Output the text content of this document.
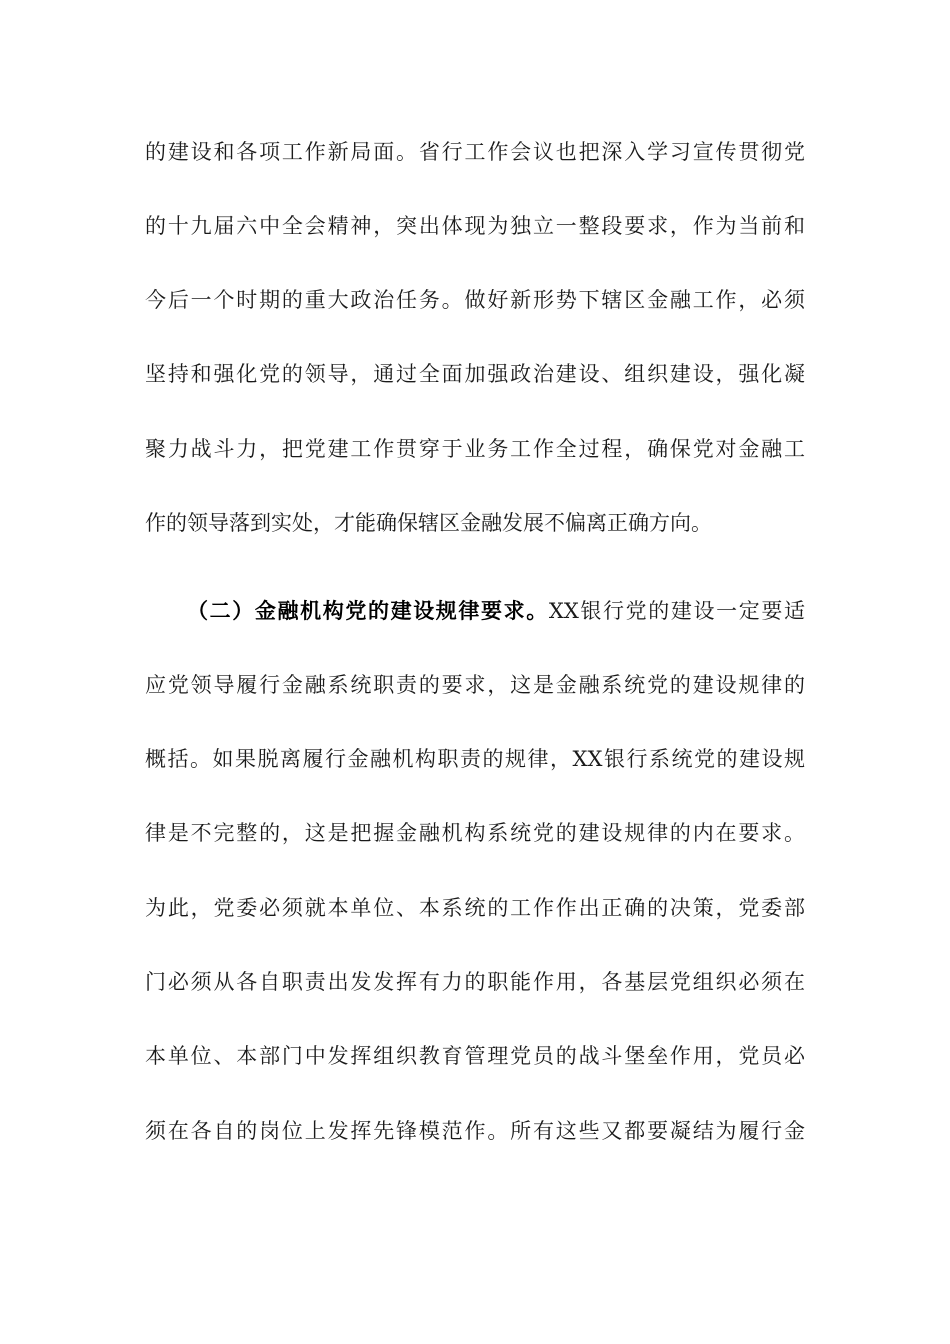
的建设和各项工作新局面。省行工作会议也把深入学习宣传贯彻党
的十九届六中全会精神，突出体现为独立一整段要求，作为当前和
今后一个时期的重大政治任务。做好新形势下辖区金融工作，必须
坚持和强化党的领导，通过全面加强政治建设、组织建设，强化凝
聚力战斗力，把党建工作贯穿于业务工作全过程，确保党对金融工
作的领导落到实处，才能确保辖区金融发展不偏离正确方向。
（二）金融机构党的建设规律要求。XX银行党的建设一定要适
应党领导履行金融系统职责的要求，这是金融系统党的建设规律的
概括。如果脱离履行金融机构职责的规律，XX银行系统党的建设规
律是不完整的，这是把握金融机构系统党的建设规律的内在要求。
为此，党委必须就本单位、本系统的工作作出正确的决策，党委部
门必须从各自职责出发发挥有力的职能作用，各基层党组织必须在
本单位、本部门中发挥组织教育管理党员的战斗堡垒作用，党员必
须在各自的岗位上发挥先锋模范作。所有这些又都要凝结为履行金
